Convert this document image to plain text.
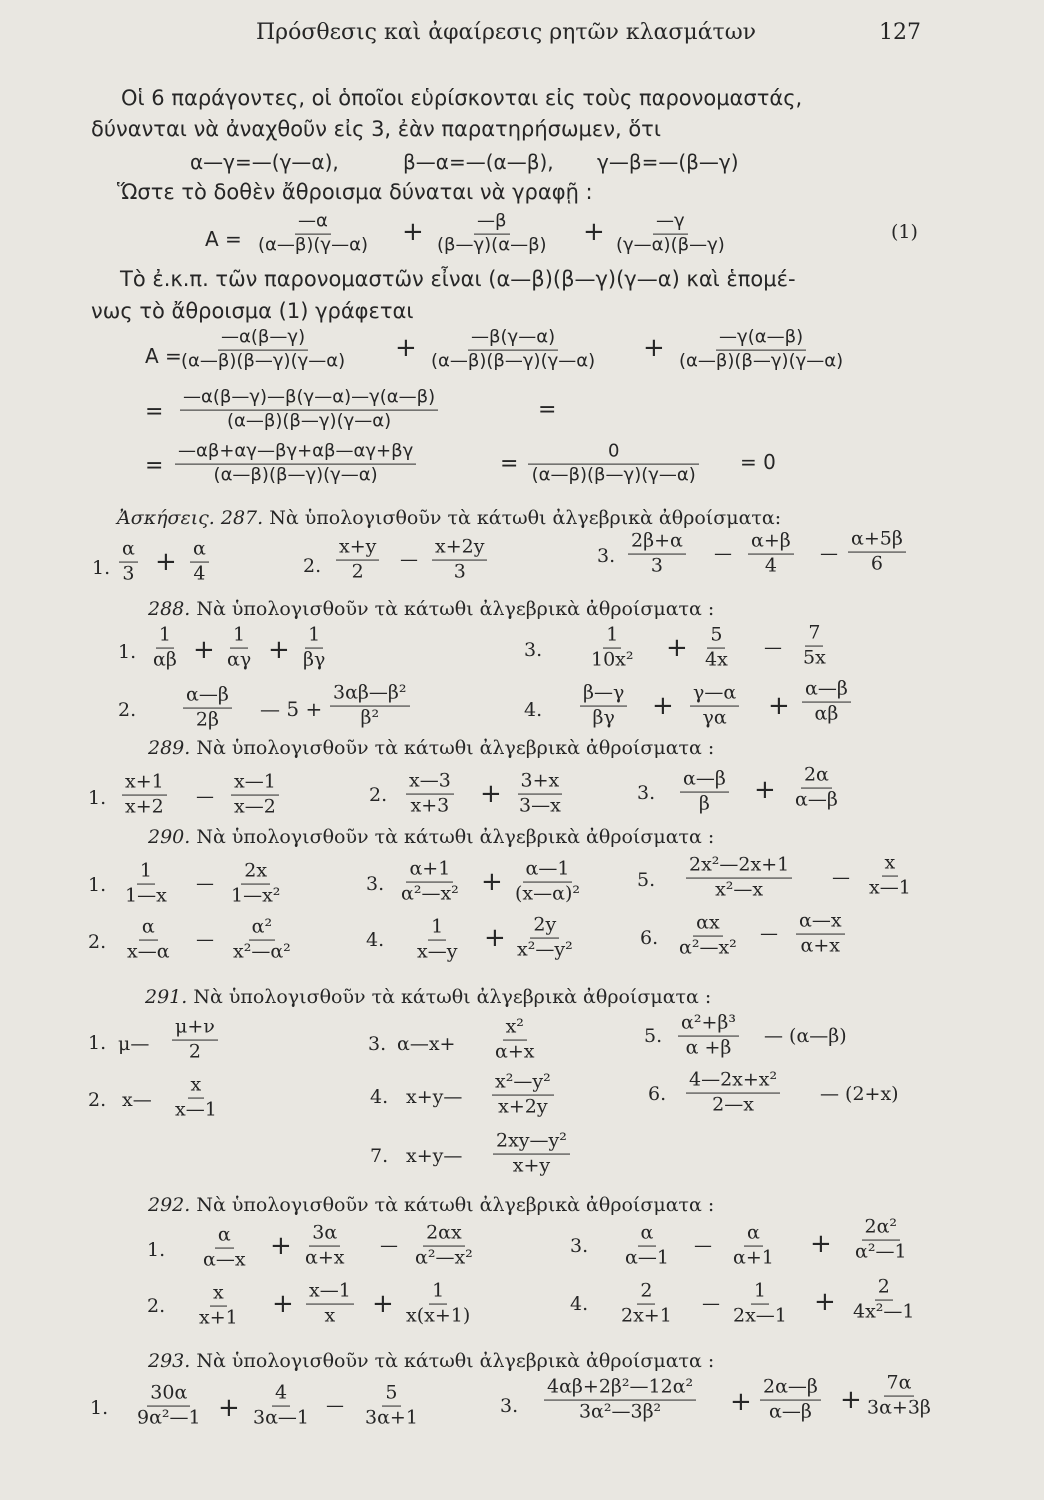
Πρόσθεσις καὶ ἀφαίρεσις ρητῶν κλασμάτων	127
Οἱ 6 παράγοντες, οἱ ὁποῖοι εὑρίσκονται εἰς τοὺς παρονομαστάς,
δύνανται νὰ ἀναχθοῦν εἰς 3, ἐὰν παρατηρήσωμεν, ὅτι
α—γ=—(γ—α),	β—α=—(α—β), γ—β=—(β—γ)
Ὥστε τὸ δοθὲν ἄθροισμα δύναται νὰ γραφῇ :
$A = \frac{—\alpha}{(\alpha—\beta)(\gamma—\alpha)} + \frac{—\beta}{(\beta—\gamma)(\alpha—\beta)} + \frac{—\gamma}{(\gamma—\alpha)(\beta—\gamma)}$	(1)
Τὸ ἐ.κ.π. τῶν παρονομαστῶν εἶναι (α—β)(β—γ)(γ—α) καὶ ἑπομέ-
νως τὸ ἄθροισμα (1) γράφεται
A =
$\frac{—\alpha(\beta—\gamma)}{(\alpha—\beta)(\beta—\gamma)(\gamma—\alpha)} + \frac{—\beta(\gamma—\alpha)}{(\alpha—\beta)(\beta—\gamma)(\gamma—\alpha)} + \frac{—\gamma(\alpha—\beta)}{(\alpha—\beta)(\beta—\gamma)(\gamma—\alpha)}$
= $\frac{—\alpha(\beta—\gamma)—\beta(\gamma—\alpha)—\gamma(\alpha—\beta)}{(\alpha—\beta)(\beta—\gamma)(\gamma—\alpha)}$	=
= $\frac{—\alpha\beta+\alpha\gamma—\beta\gamma+\alpha\beta—\alpha\gamma+\beta\gamma}{(\alpha—\beta)(\beta—\gamma)(\gamma—\alpha)}$	= $\frac{0}{(\alpha—\beta)(\beta—\gamma)(\gamma—\alpha)} = 0$
Ἀσκήσεις. 287. Νὰ ὑπολογισθοῦν τὰ κάτωθι ἀλγεβρικὰ ἀθροίσματα:
1. $\frac{\alpha}{3} + \frac{\alpha}{4}$	2. $\frac{x+y}{2}$ — $\frac{x+2y}{3}$	3. $\frac{2\beta+\alpha}{3}$ — $\frac{\alpha+\beta}{4}$ — $\frac{\alpha+5\beta}{6}$
288. Νὰ ὑπολογισθοῦν τὰ κάτωθι ἀλγεβρικὰ ἀθροίσματα :
1. $\frac{1}{\alpha\beta} + \frac{1}{\alpha\gamma} + \frac{1}{\beta\gamma}$	3. $\frac{1}{\text{10x²}} + \frac{5}{4x}$ — $\frac{7}{5x}$
2. $\frac{\alpha—\beta}{2\beta}$ — $5 + \frac{\text{3αβ—β²}}{\text{β²}}$	4. $\frac{\beta—\gamma}{\beta\gamma} + \frac{\gamma—\alpha}{\gamma\alpha} + \frac{\alpha—\beta}{\alpha\beta}$
289. Νὰ ὑπολογισθοῦν τὰ κάτωθι ἀλγεβρικὰ ἀθροίσματα :
1. $\frac{x+1}{x+2}$ — $\frac{x—1}{x—2}$	2. $\frac{x—3}{x+3} + \frac{3+x}{3—x}$	3. $\frac{\alpha—\beta}{\beta} + \frac{2\alpha}{\alpha—\beta}$
290. Νὰ ὑπολογισθοῦν τὰ κάτωθι ἀλγεβρικὰ ἀθροίσματα :
1. $\frac{1}{1—x}$ — $\frac{2x}{\text{1—x²}}$	3. $\frac{\alpha+1}{\text{α²—x²}} + \frac{\alpha—1}{\text{(x—α)²}}$	5. $\frac{\text{2x²—2x+1}}{\text{x²—x}}$ — $\frac{x}{x—1}$
2. $\frac{\alpha}{x—\alpha}$ — $\frac{\text{α²}}{\text{x²—α²}}$	4. $\frac{1}{x—y} + \frac{2y}{\text{x²—y²}}$	6. $\frac{\alpha x}{\text{α²—x²}}$ — $\frac{\alpha—x}{\alpha+x}$
291. Νὰ ὑπολογισθοῦν τὰ κάτωθι ἀλγεβρικὰ ἀθροίσματα :
1. μ— $\frac{\mu+\nu}{2}$	3. α—x+ $\frac{\text{x²}}{\alpha+x}$	5. $\frac{\text{α²+β³}}{\alpha +\beta}$ — (α—β)
2. x— $\frac{x}{x—1}$	4. x+y— $\frac{\text{x²—y²}}{x+2y}$	6. $\frac{\text{4—2x+x²}}{2—x}$ — (2+x)
7. x+y— $\frac{\text{2xy—y²}}{x+y}$
292. Νὰ ὑπολογισθοῦν τὰ κάτωθι ἀλγεβρικὰ ἀθροίσματα :
1. $\frac{\alpha}{\alpha—x} + \frac{3\alpha}{\alpha+x}$ — $\frac{2\alpha x}{\text{α²—x²}}$	3. $\frac{\alpha}{\alpha—1}$ — $\frac{\alpha}{\alpha+1} + \frac{\text{2α²}}{\text{α²—1}}$
2. $\frac{x}{x+1} + \frac{x—1}{x} + \frac{1}{x(x+1)}$	4. $\frac{2}{2x+1}$ — $\frac{1}{2x—1} + \frac{2}{\text{4x²—1}}$
293. Νὰ ὑπολογισθοῦν τὰ κάτωθι ἀλγεβρικὰ ἀθροίσματα :
1. $\frac{30\alpha}{\text{9α²—1}} + \frac{4}{3\alpha—1}$ — $\frac{5}{3\alpha+1}$	3. $\frac{\text{4αβ+2β²—12α²}}{\text{3α²—3β²}} + \frac{2\alpha—\beta}{\alpha—\beta} + \frac{7\alpha}{3\alpha+3\beta}$
